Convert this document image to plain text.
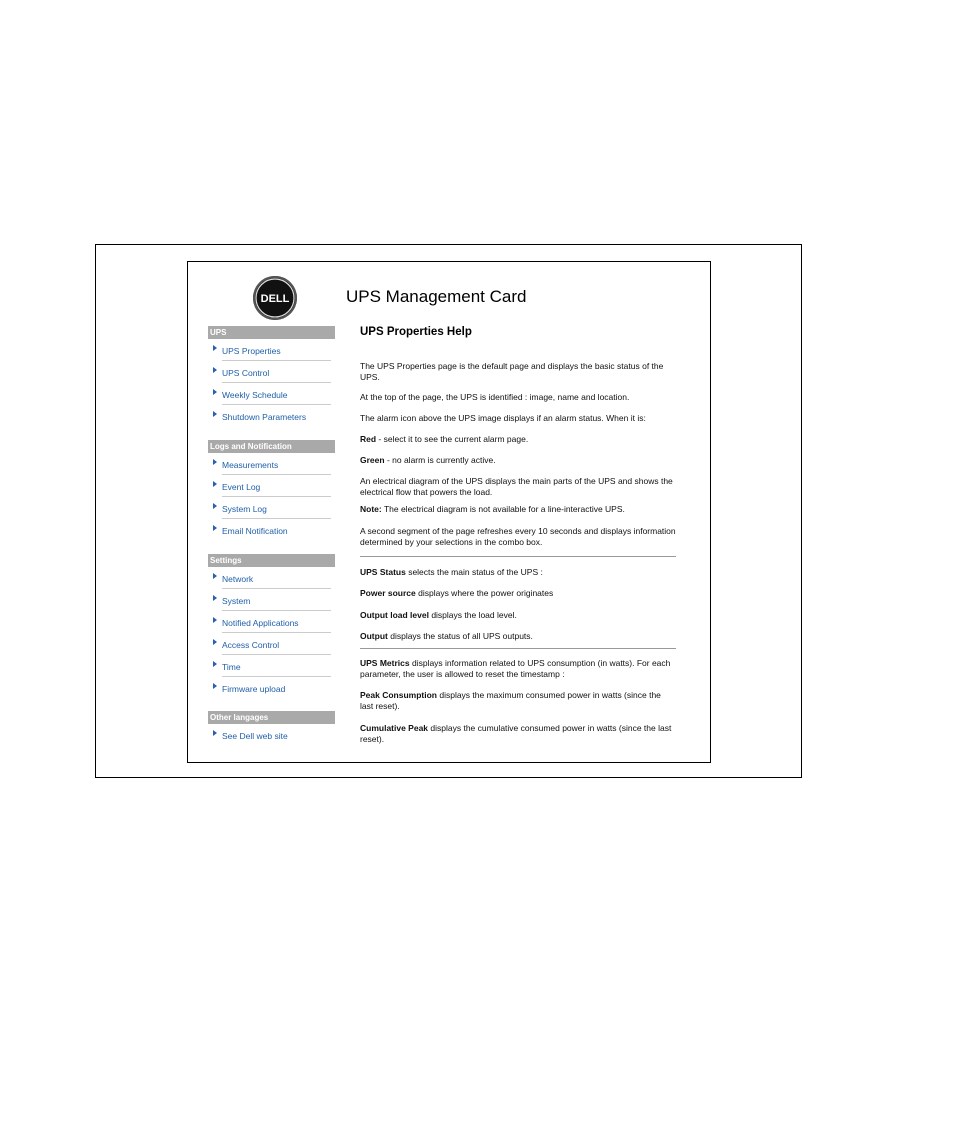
DELL	UPS Management Card
UPS
UPS Properties
UPS Control
Weekly Schedule
Shutdown Parameters
Logs and Notification
Measurements
Event Log
System Log
Email Notification
Settings
Network
System
Notified Applications
Access Control
Time
Firmware upload
Other langages
See Dell web site
UPS Properties Help
The UPS Properties page is the default page and displays the basic status of the UPS.
At the top of the page, the UPS is identified : image, name and location.
The alarm icon above the UPS image displays if an alarm status. When it is:
Red - select it to see the current alarm page.
Green - no alarm is currently active.
An electrical diagram of the UPS displays the main parts of the UPS and shows the electrical flow that powers the load.
Note: The electrical diagram is not available for a line-interactive UPS.
A second segment of the page refreshes every 10 seconds and displays information determined by your selections in the combo box.
UPS Status selects the main status of the UPS :
Power source displays where the power originates
Output load level displays the load level.
Output displays the status of all UPS outputs.
UPS Metrics displays information related to UPS consumption (in watts). For each parameter, the user is allowed to reset the timestamp :
Peak Consumption displays the maximum consumed power in watts (since the last reset).
Cumulative Peak displays the cumulative consumed power in watts (since the last reset).
